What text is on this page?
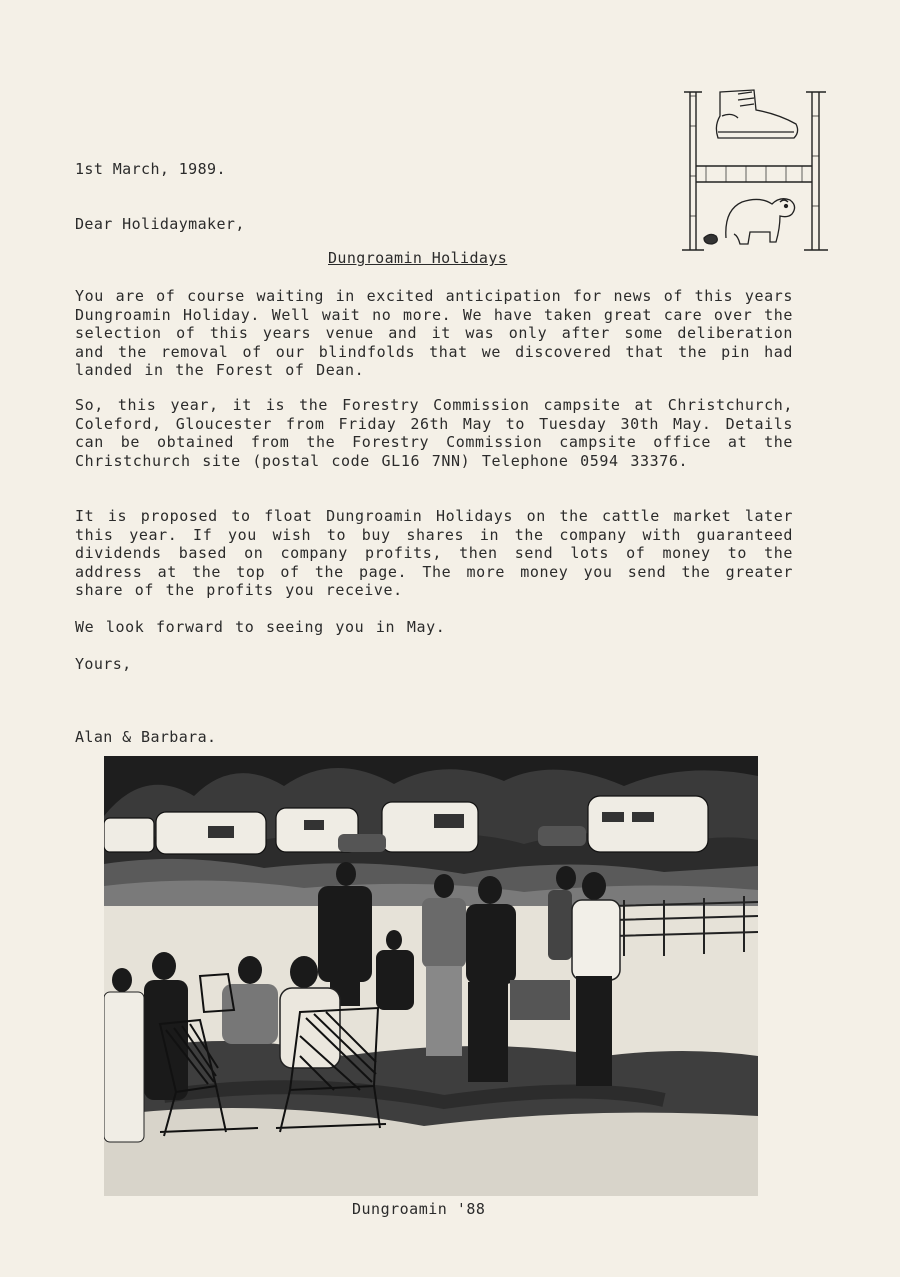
1st March, 1989.
Dear Holidaymaker,
Dungroamin Holidays
You are of course waiting in excited anticipation for news of this years Dungroamin Holiday. Well wait no more. We have taken great care over the selection of this years venue and it was only after some deliberation and the removal of our blindfolds that we discovered that the pin had landed in the Forest of Dean.
So, this year, it is the Forestry Commission campsite at Christchurch, Coleford, Gloucester from Friday 26th May to Tuesday 30th May. Details can be obtained from the Forestry Commission campsite office at the Christchurch site (postal code GL16 7NN) Telephone 0594 33376.
It is proposed to float Dungroamin Holidays on the cattle market later this year. If you wish to buy shares in the company with guaranteed dividends based on company profits, then send lots of money to the address at the top of the page. The more money you send the greater share of the profits you receive.
We look forward to seeing you in May.
Yours,
Alan & Barbara.
Dungroamin '88
